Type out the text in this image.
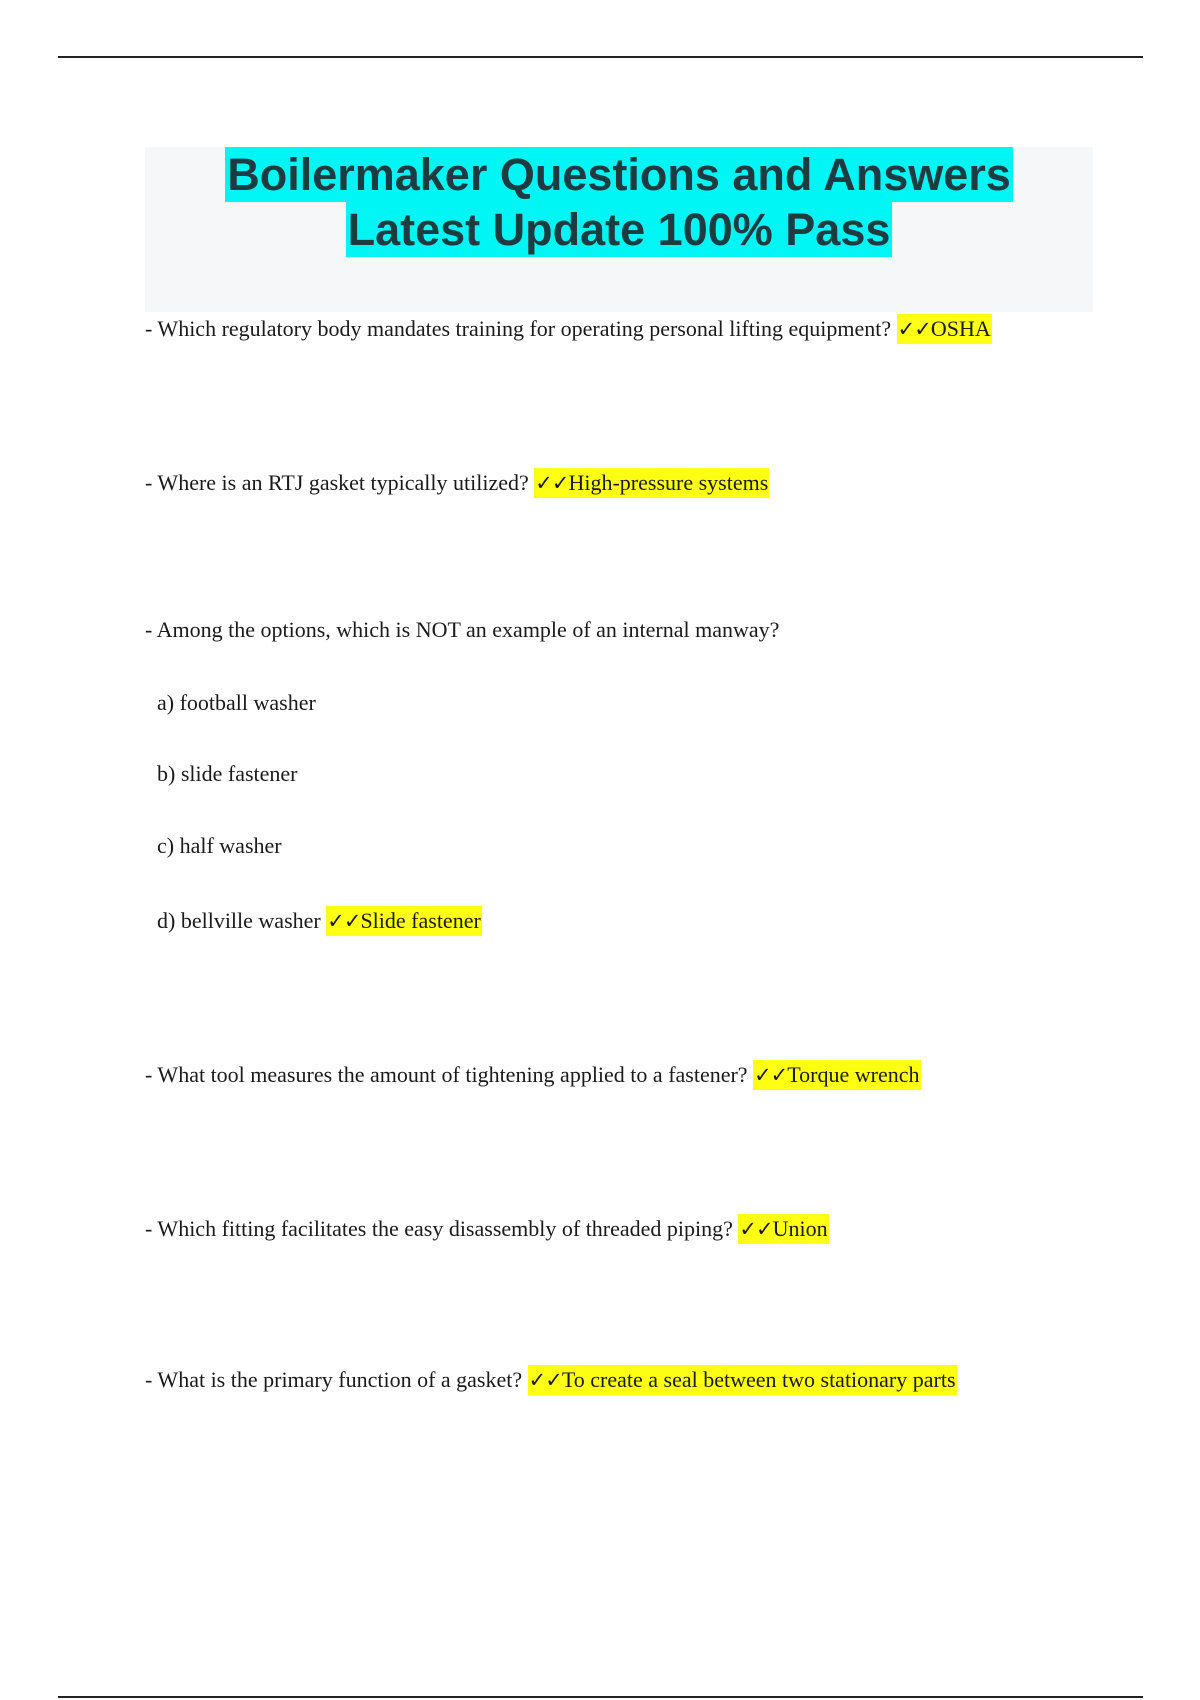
Boilermaker Questions and Answers
Latest Update 100% Pass
- Which regulatory body mandates training for operating personal lifting equipment? ✓✓OSHA
- Where is an RTJ gasket typically utilized? ✓✓High-pressure systems
- Among the options, which is NOT an example of an internal manway?
a) football washer
b) slide fastener
c) half washer
d) bellville washer ✓✓Slide fastener
- What tool measures the amount of tightening applied to a fastener? ✓✓Torque wrench
- Which fitting facilitates the easy disassembly of threaded piping? ✓✓Union
- What is the primary function of a gasket? ✓✓To create a seal between two stationary parts
